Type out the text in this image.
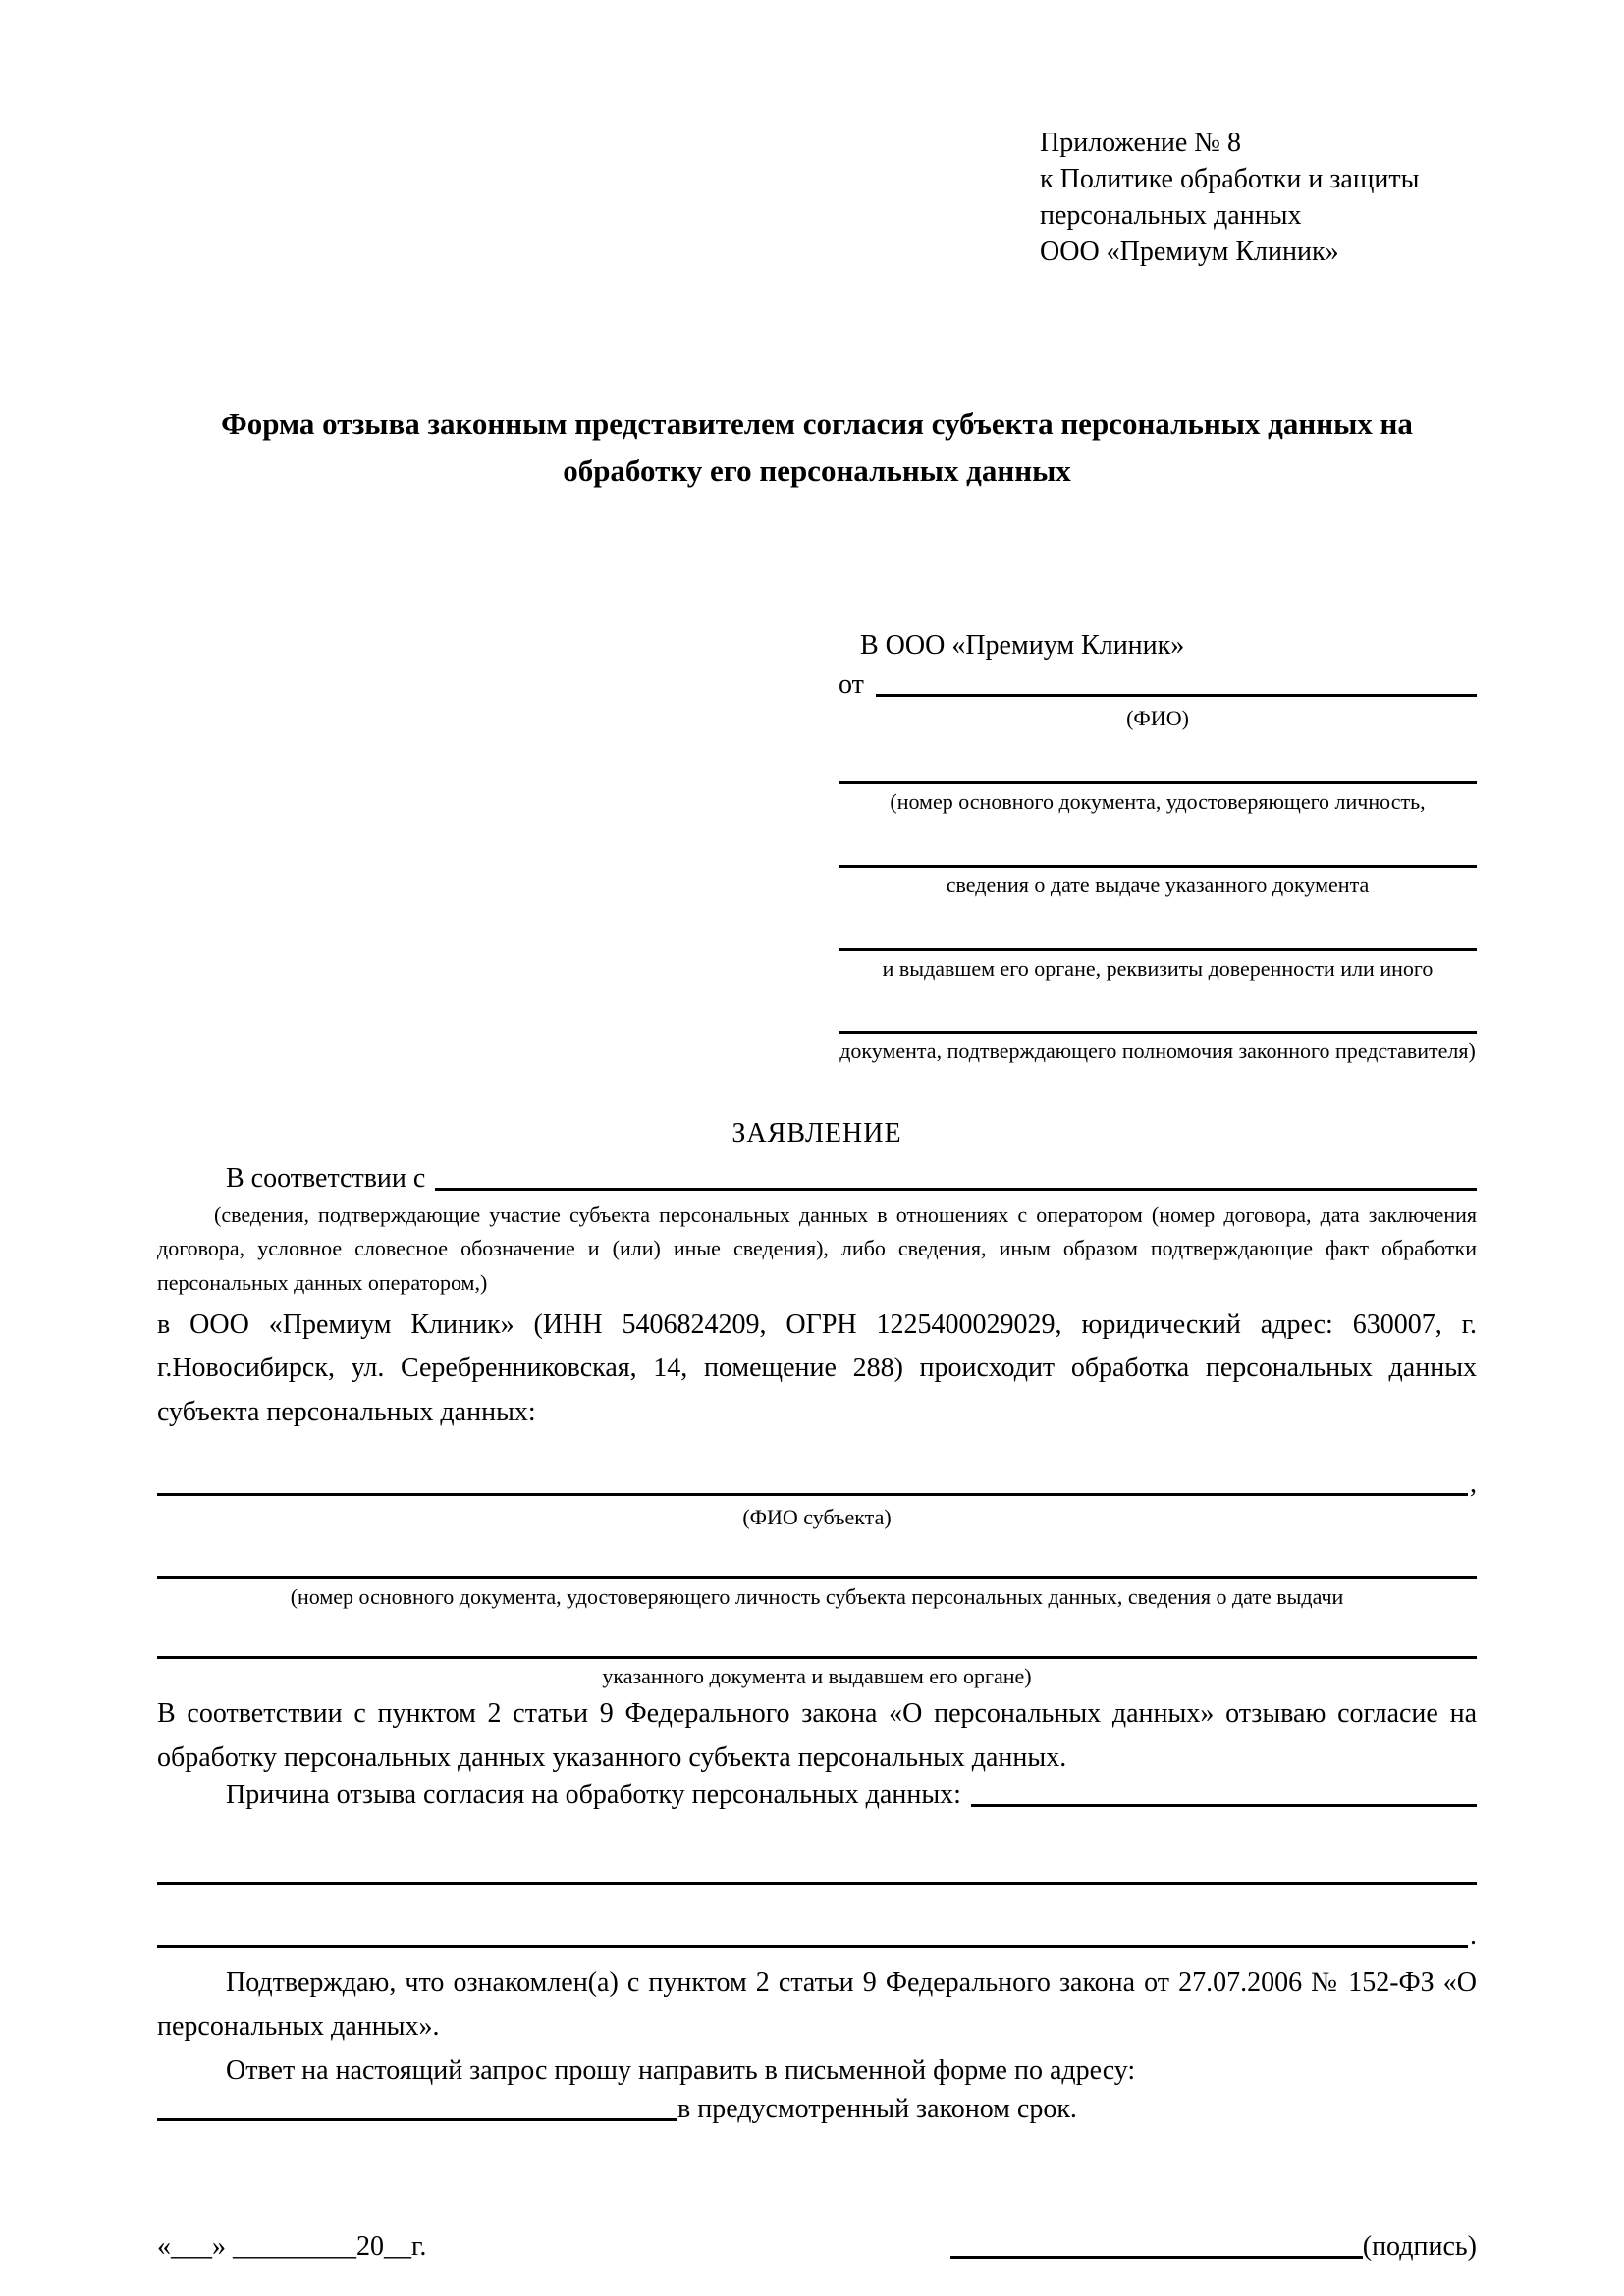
Приложение № 8
к Политике обработки и защиты
персональных данных
ООО «Премиум Клиник»
Форма отзыва законным представителем согласия субъекта персональных данных на обработку его персональных данных
В ООО «Премиум Клиник»
от
(ФИО)
(номер основного документа, удостоверяющего личность,
сведения о дате выдаче указанного документа
и выдавшем его органе, реквизиты доверенности или иного
документа, подтверждающего полномочия законного представителя)
ЗАЯВЛЕНИЕ
В соответствии с

(сведения, подтверждающие участие субъекта персональных данных в отношениях с оператором (номер договора, дата заключения договора, условное словесное обозначение и (или) иные сведения), либо сведения, иным образом подтверждающие факт обработки персональных данных оператором,)

в ООО «Премиум Клиник» (ИНН 5406824209, ОГРН 1225400029029, юридический адрес: 630007, г. г.Новосибирск, ул. Серебренниковская, 14, помещение 288) происходит обработка персональных данных субъекта персональных данных:

,
(ФИО субъекта)
(номер основного документа, удостоверяющего личность субъекта персональных данных, сведения о дате выдачи
указанного документа и выдавшем его органе)

В соответствии с пунктом 2 статьи 9 Федерального закона «О персональных данных» отзываю согласие на обработку персональных данных указанного субъекта персональных данных.

Причина отзыва согласия на обработку персональных данных:
.

Подтверждаю, что ознакомлен(а) с пунктом 2 статьи 9 Федерального закона от 27.07.2006 № 152-ФЗ «О персональных данных».

Ответ на настоящий запрос прошу направить в письменной форме по адресу:

в предусмотренный законом срок.
«___» _________20__г.	(подпись)
